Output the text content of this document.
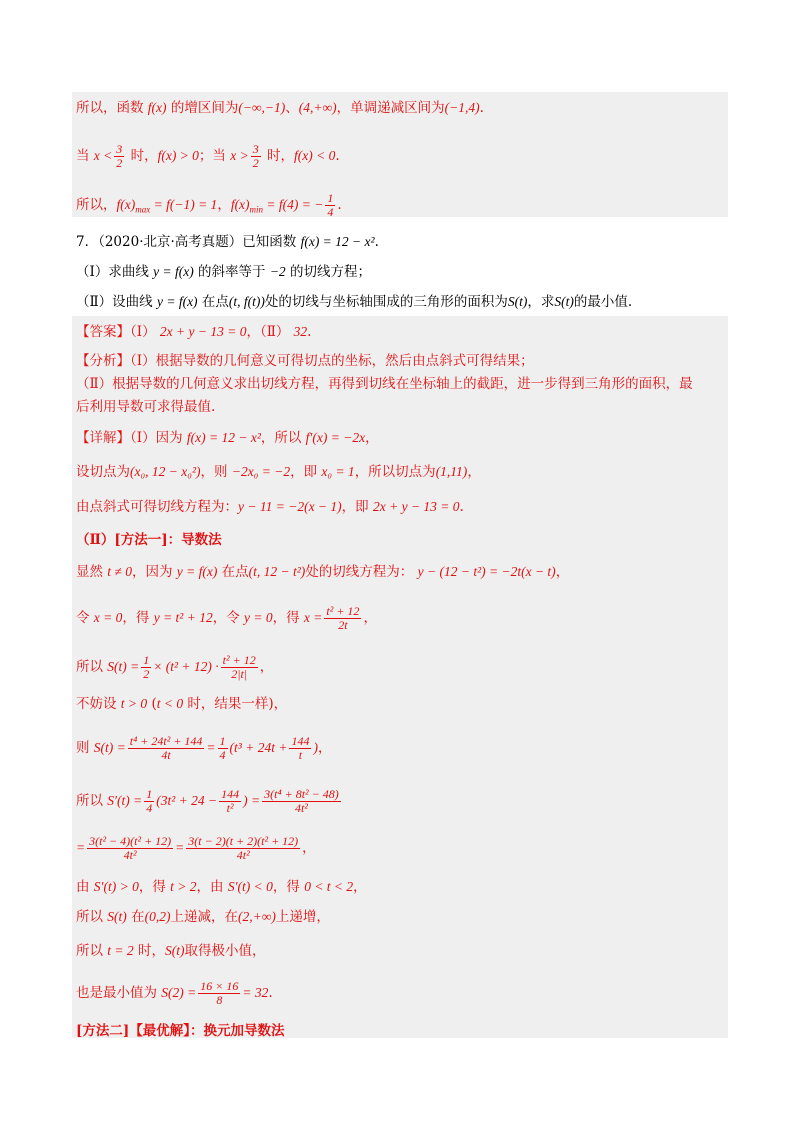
所以，函数 f(x) 的增区间为(−∞,−1)、(4,+∞)，单调递减区间为(−1,4).
当 $x < \frac{3}{2}$ 时，f(x) > 0；当 $x > \frac{3}{2}$ 时，f(x) < 0.
所以，$f(x)_{max} = f(-1) = 1$，$f(x)_{min} = f(4)$ = − $\frac{1}{4}$ .
7．（2020·北京·高考真题）已知函数 f(x) = 12 − x².
（Ⅰ）求曲线 y = f(x) 的斜率等于 −2 的切线方程；
（Ⅱ）设曲线 y = f(x) 在点(t, f(t))处的切线与坐标轴围成的三角形的面积为S(t)，求S(t)的最小值.
【答案】（Ⅰ） 2x + y − 13 = 0，（Ⅱ） 32.
【分析】（Ⅰ）根据导数的几何意义可得切点的坐标，然后由点斜式可得结果；
（Ⅱ）根据导数的几何意义求出切线方程，再得到切线在坐标轴上的截距，进一步得到三角形的面积，最
后利用导数可求得最值.
【详解】（Ⅰ）因为 f(x) = 12 − x²，所以 f′(x) = −2x，
设切点为(x₀, 12 − x₀²)，则 −2x₀ = −2，即 x₀ = 1，所以切点为(1,11)，
由点斜式可得切线方程为：y − 11 = −2(x − 1)，即 2x + y − 13 = 0.
（Ⅱ）[方法一]：导数法
显然 t ≠ 0，因为 y = f(x) 在点(t, 12 − t²)处的切线方程为： y − (12 − t²) = −2t(x − t)，
令 x = 0，得 y = t² + 12，令 y = 0，得 $x = \frac{\text{t² + 12}}{2t}$ ，
所以 $S(t) = \frac{1}{2} \times (t^2 + 12) \cdot \frac{\text{t² + 12}}{2|t|}$ ，
不妨设 t > 0 (t < 0 时，结果一样)，
则 $S(t) = \frac{\text{t⁴ + 24t² + 144}}{4t} = \frac{1}{4} (t^3 + 24t + \frac{144}{t}$ )，
所以 $S'(t) = \frac{1}{4} (3t^2 + 24 - \frac{144}{\text{t²}}$ ) = $\frac{\text{3(t⁴ + 8t² − 48)}}{\text{4t²}}$
= $\frac{\text{3(t² − 4)(t² + 12)}}{\text{4t²}} = \frac{\text{3(t − 2)(t + 2)(t² + 12)}}{\text{4t²}}$ ，
由 S′(t) > 0，得 t > 2，由 S′(t) < 0，得 0 < t < 2，
所以 S(t) 在(0,2)上递减，在(2,+∞)上递增，
所以 t = 2 时，S(t)取得极小值，
也是最小值为 $S(2) = \frac{16 \times 16}{8} = 32$.
[方法二]【最优解】：换元加导数法
